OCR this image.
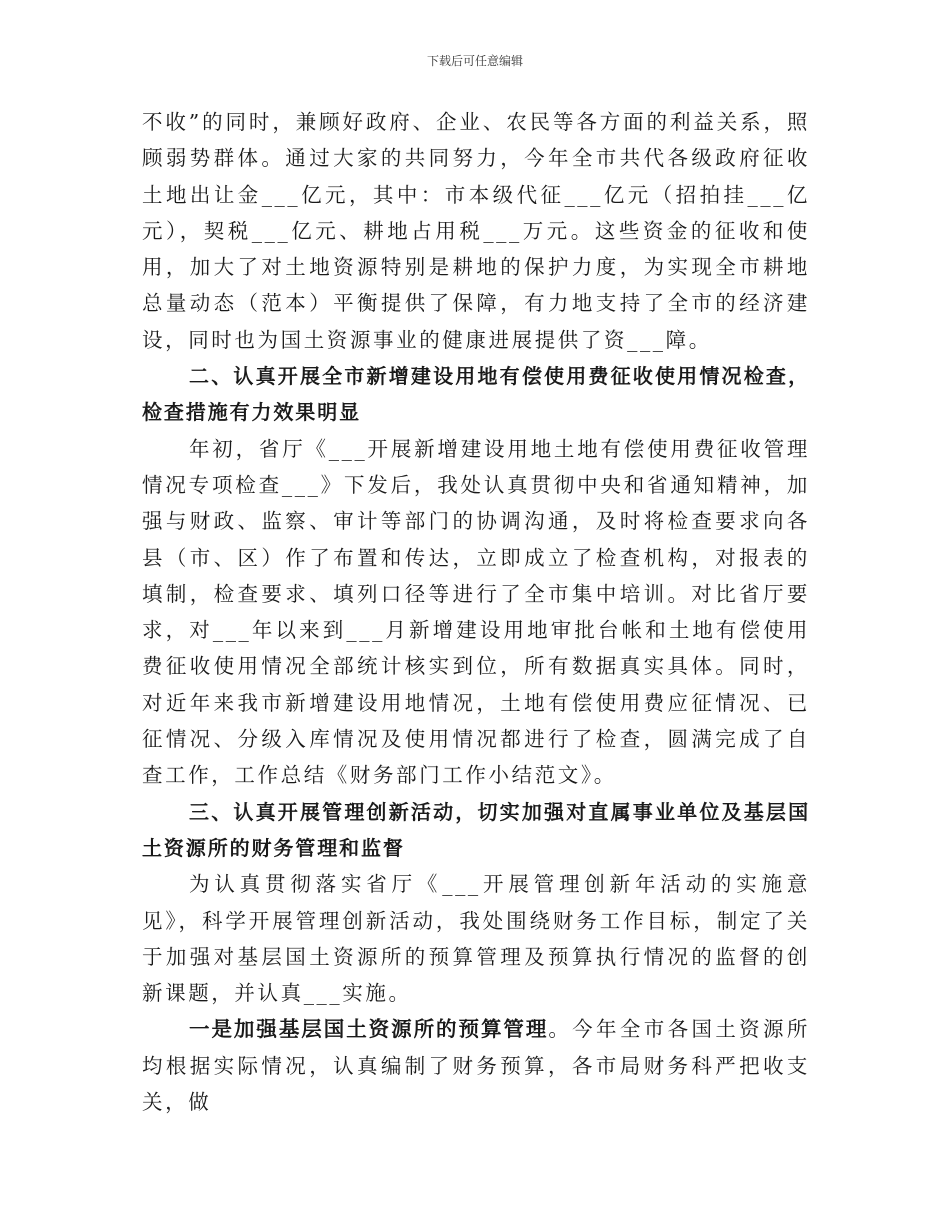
下载后可任意编辑

不收”的同时，兼顾好政府、企业、农民等各方面的利益关系，照顾弱势群体。通过大家的共同努力，今年全市共代各级政府征收土地出让金___亿元，其中：市本级代征___亿元（招拍挂___亿元），契税___亿元、耕地占用税___万元。这些资金的征收和使用，加大了对土地资源特别是耕地的保护力度，为实现全市耕地总量动态（范本）平衡提供了保障，有力地支持了全市的经济建设，同时也为国土资源事业的健康进展提供了资___障。

二、认真开展全市新增建设用地有偿使用费征收使用情况检查，检查措施有力效果明显

年初，省厅《___开展新增建设用地土地有偿使用费征收管理情况专项检查___》下发后，我处认真贯彻中央和省通知精神，加强与财政、监察、审计等部门的协调沟通，及时将检查要求向各县（市、区）作了布置和传达，立即成立了检查机构，对报表的填制，检查要求、填列口径等进行了全市集中培训。对比省厅要求，对___年以来到___月新增建设用地审批台帐和土地有偿使用费征收使用情况全部统计核实到位，所有数据真实具体。同时，对近年来我市新增建设用地情况，土地有偿使用费应征情况、已征情况、分级入库情况及使用情况都进行了检查，圆满完成了自查工作，工作总结《财务部门工作小结范文》。

三、认真开展管理创新活动，切实加强对直属事业单位及基层国土资源所的财务管理和监督

为认真贯彻落实省厅《___开展管理创新年活动的实施意见》，科学开展管理创新活动，我处围绕财务工作目标，制定了关于加强对基层国土资源所的预算管理及预算执行情况的监督的创新课题，并认真___实施。

一是加强基层国土资源所的预算管理。今年全市各国土资源所均根据实际情况，认真编制了财务预算，各市局财务科严把收支关，做
